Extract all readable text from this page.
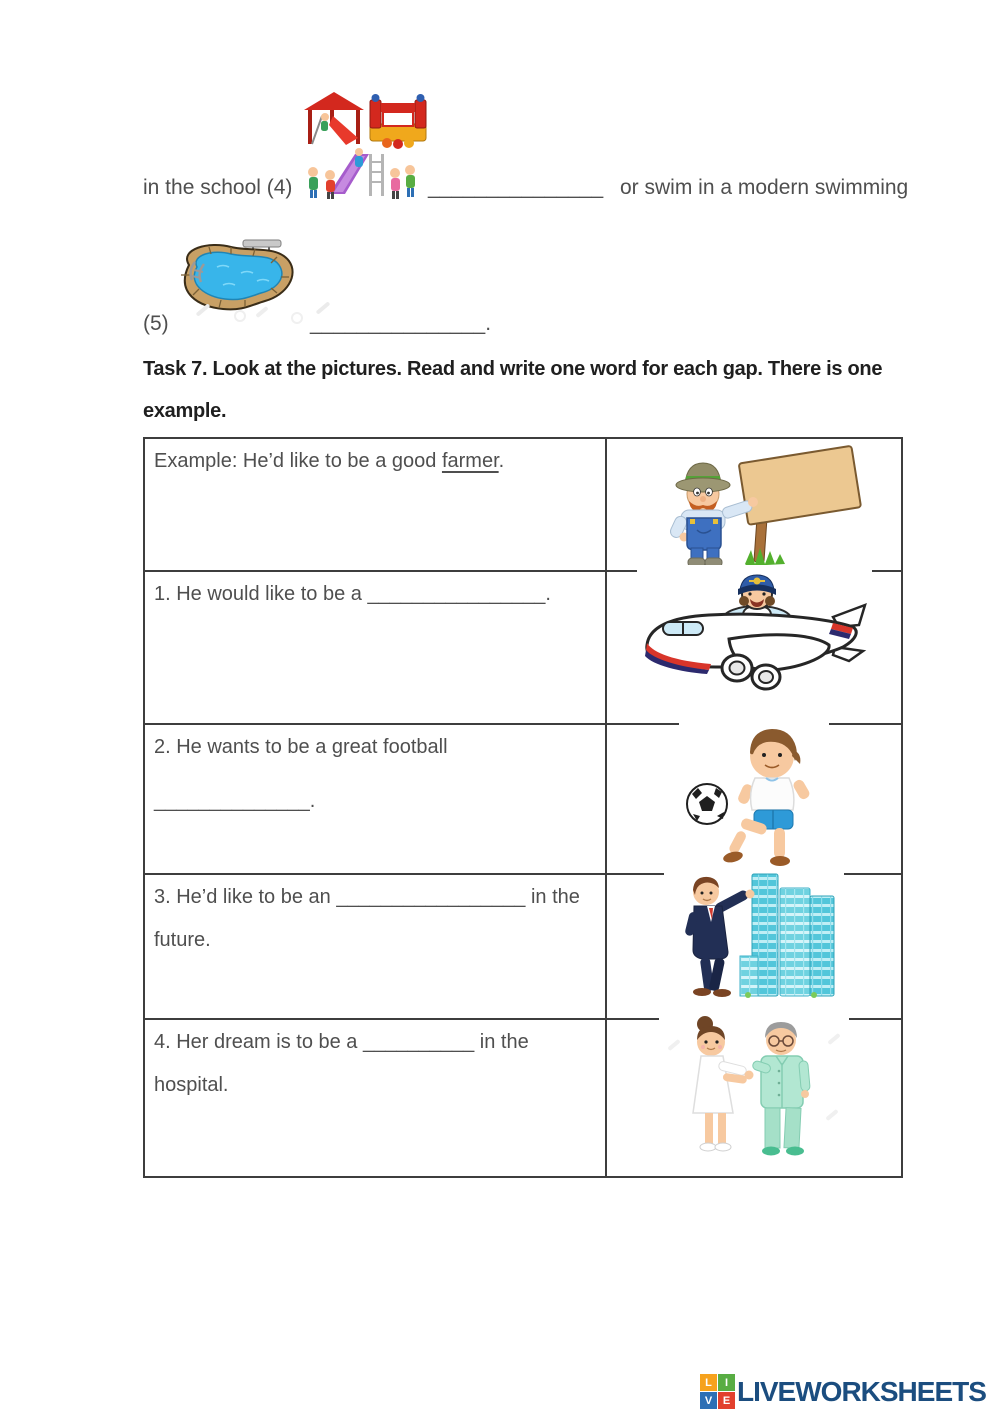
in the school (4)	_______________ or swim in a modern swimming
(5)	_______________.
Task 7. Look at the pictures. Read and write one word for each gap. There is one
example.
Example: He’d like to be a good farmer.
1. He would like to be a ________________.
2. He wants to be a great football
______________.
3. He’d like to be an _________________ in the
future.
4. Her dream is to be a __________ in the
hospital.
L	I
V E LIVEWORKSHEETS
